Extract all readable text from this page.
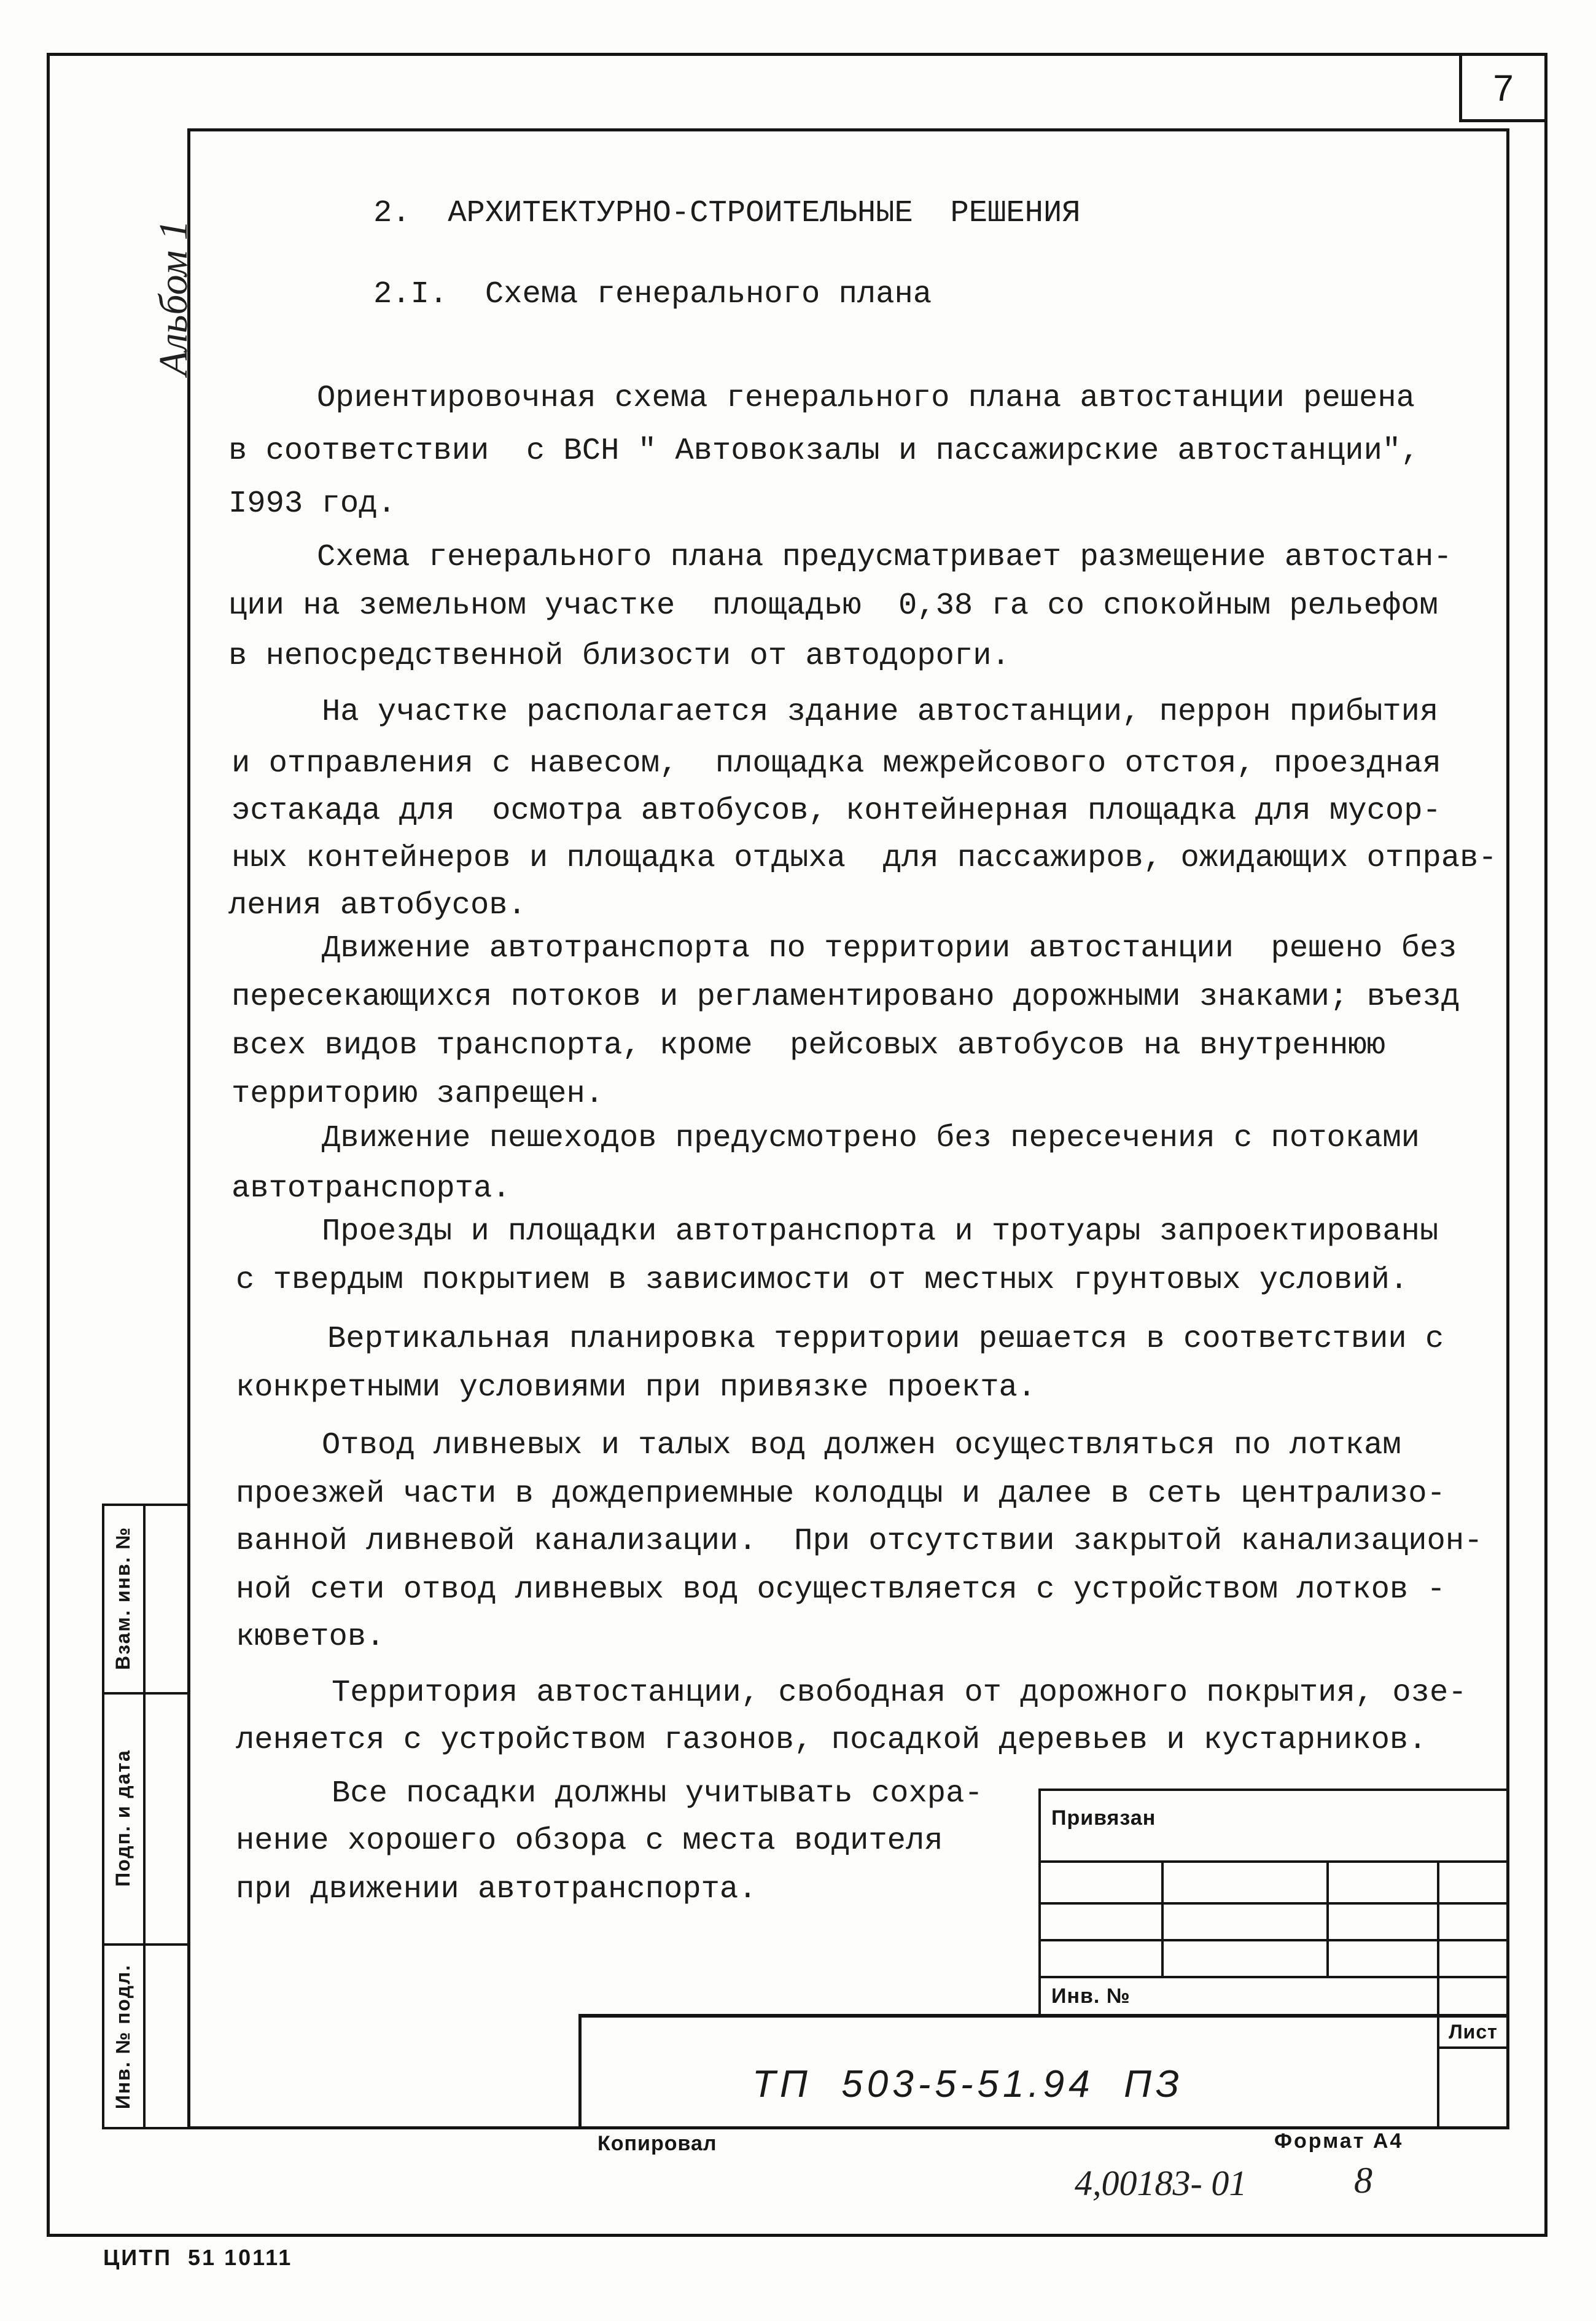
7
Альбом 1
Взам. инв. №
Подп. и дата
Инв. № подл.
2.  АРХИТЕКТУРНО-СТРОИТЕЛЬНЫЕ  РЕШЕНИЯ
2.I.  Схема генерального плана
Ориентировочная схема генерального плана автостанции решена
в соответствии  с ВСН " Автовокзалы и пассажирские автостанции",
I993 год.
Схема генерального плана предусматривает размещение автостан-
ции на земельном участке  площадью  0,38 га со спокойным рельефом
в непосредственной близости от автодороги.
На участке располагается здание автостанции, перрон прибытия
и отправления с навесом,  площадка межрейсового отстоя, проездная
эстакада для  осмотра автобусов, контейнерная площадка для мусор-
ных контейнеров и площадка отдыха  для пассажиров, ожидающих отправ-
ления автобусов.
Движение автотранспорта по территории автостанции  решено без
пересекающихся потоков и регламентировано дорожными знаками; въезд
всех видов транспорта, кроме  рейсовых автобусов на внутреннюю
территорию запрещен.
Движение пешеходов предусмотрено без пересечения с потоками
автотранспорта.
Проезды и площадки автотранспорта и тротуары запроектированы
с твердым покрытием в зависимости от местных грунтовых условий.
Вертикальная планировка территории решается в соответствии с
конкретными условиями при привязке проекта.
Отвод ливневых и талых вод должен осуществляться по лоткам
проезжей части в дождеприемные колодцы и далее в сеть централизо-
ванной ливневой канализации.  При отсутствии закрытой канализацион-
ной сети отвод ливневых вод осуществляется с устройством лотков -
кюветов.
Территория автостанции, свободная от дорожного покрытия, озе-
леняется с устройством газонов, посадкой деревьев и кустарников.
Все посадки должны учитывать сохра-
нение хорошего обзора с места водителя
при движении автотранспорта.
Привязан
Инв. №
Лист
ТП  503-5-51.94  ПЗ
Копировал	Формат А4
4,00183- 01	8
ЦИТП  51 10111
